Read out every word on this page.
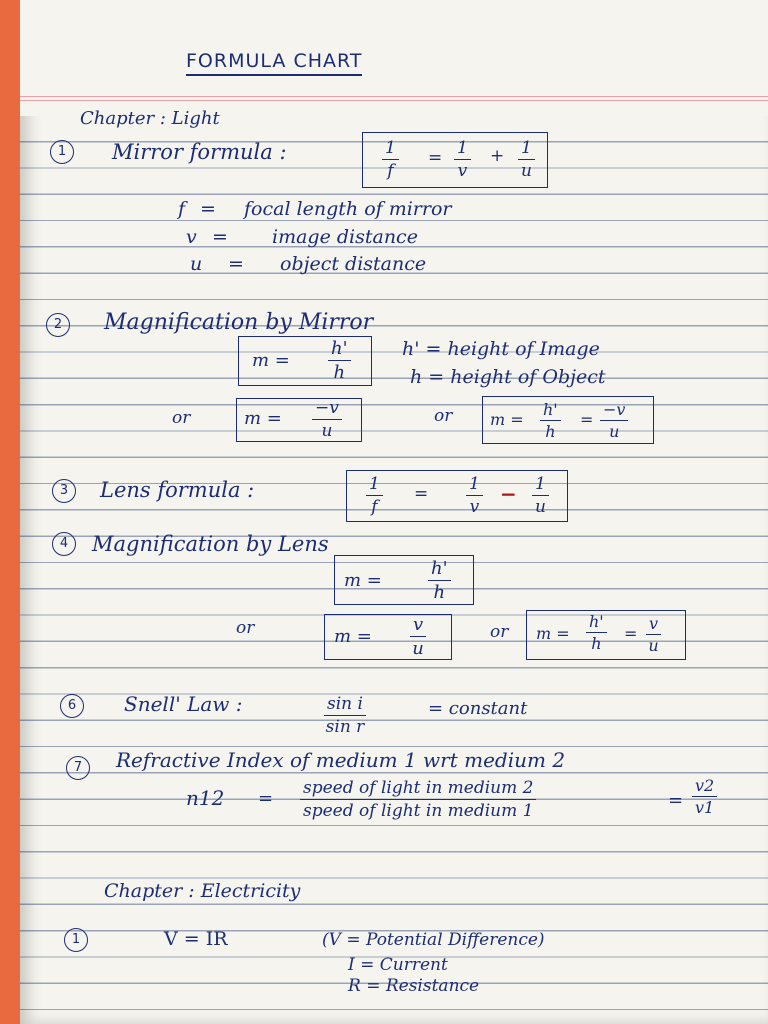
FORMULA CHART
Chapter : Light
1	Mirror formula :	$\frac{1}{f} = \frac{1}{v} + \frac{1}{u}$
f = focal length of mirror
v = image distance
u = object distance
2	Magnification by Mirror
$m = \frac{h'}{h}$	h' = height of Image
h = height of Object
or	$m = \frac{-v}{u}$	or $m = \frac{h'}{h} = \frac{-v}{u}$
3	Lens formula :	$\frac{1}{f} = \frac{1}{v} - \frac{1}{u}$
4	Magnification by Lens
m =	$\frac{h'}{h}$
or	$m = \frac{v}{u}$	or $m = \frac{h'}{h} = \frac{v}{u}$
6	Snell' Law :	$\frac{\text{sin i}}{\text{sin r}}$	= constant
7	Refractive Index of medium 1 wrt medium 2
n12 = speed of light in medium 2
speed of light in medium 1	= $\frac{v2}{v1}$
Chapter : Electricity
1	V = IR	(V = Potential Difference)
I = Current
R = Resistance
